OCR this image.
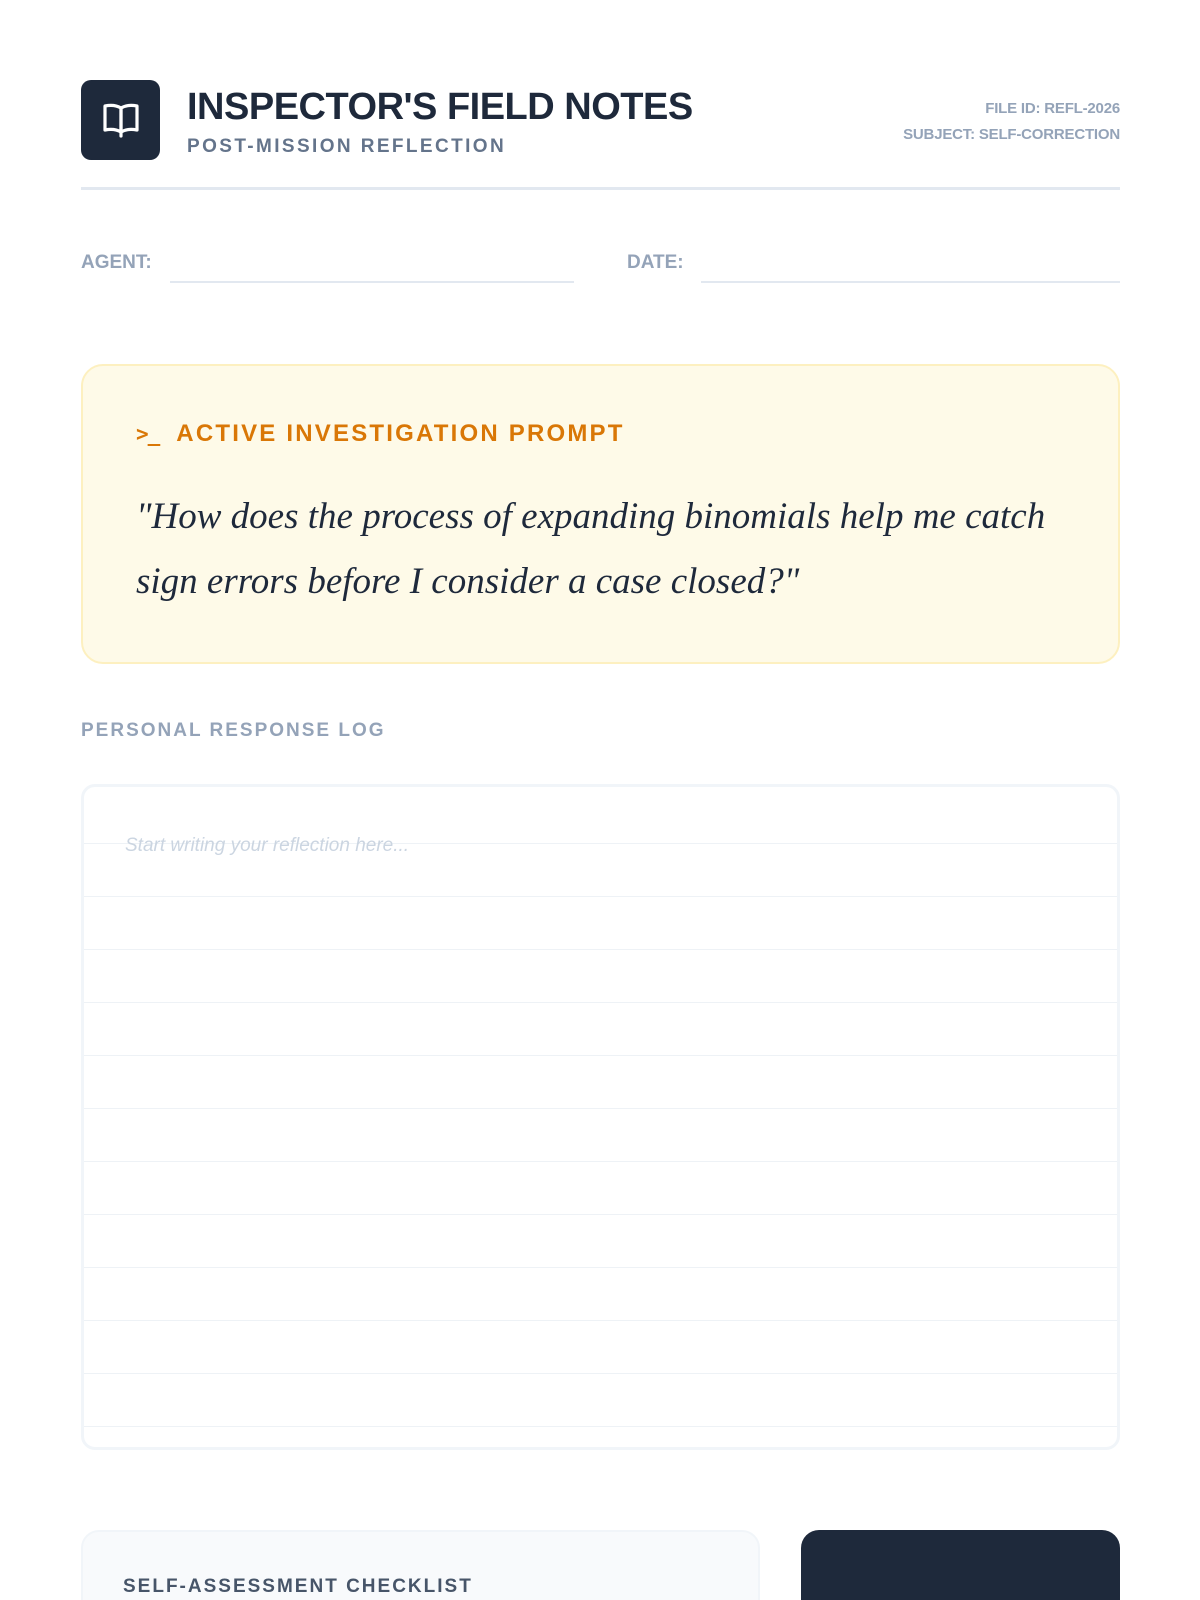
INSPECTOR'S FIELD NOTES
POST-MISSION REFLECTION
FILE ID: REFL-2026
SUBJECT: SELF-CORRECTION
AGENT:	DATE:
>_ ACTIVE INVESTIGATION PROMPT
"How does the process of expanding binomials help me catch sign errors before I consider a case closed?"
PERSONAL RESPONSE LOG
Start writing your reflection here...
SELF-ASSESSMENT CHECKLIST
